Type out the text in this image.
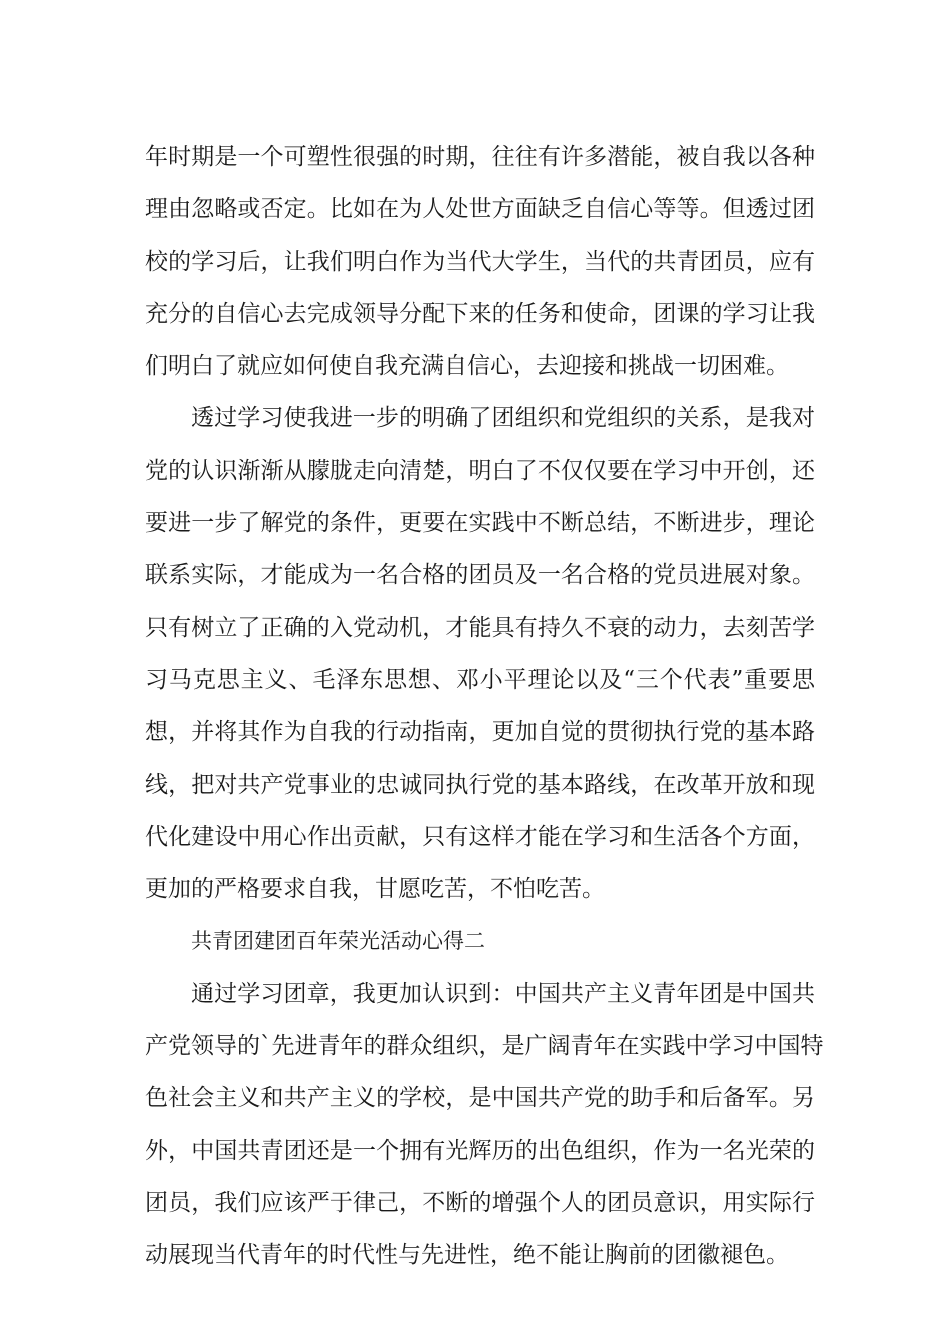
年时期是一个可塑性很强的时期，往往有许多潜能，被自我以各种
理由忽略或否定。比如在为人处世方面缺乏自信心等等。但透过团
校的学习后，让我们明白作为当代大学生，当代的共青团员，应有
充分的自信心去完成领导分配下来的任务和使命，团课的学习让我
们明白了就应如何使自我充满自信心，去迎接和挑战一切困难。
透过学习使我进一步的明确了团组织和党组织的关系，是我对
党的认识渐渐从朦胧走向清楚，明白了不仅仅要在学习中开创，还
要进一步了解党的条件，更要在实践中不断总结，不断进步，理论
联系实际，才能成为一名合格的团员及一名合格的党员进展对象。
只有树立了正确的入党动机，才能具有持久不衰的动力，去刻苦学
习马克思主义、毛泽东思想、邓小平理论以及“三个代表”重要思
想，并将其作为自我的行动指南，更加自觉的贯彻执行党的基本路
线，把对共产党事业的忠诚同执行党的基本路线，在改革开放和现
代化建设中用心作出贡献，只有这样才能在学习和生活各个方面，
更加的严格要求自我，甘愿吃苦，不怕吃苦。
共青团建团百年荣光活动心得二
通过学习团章，我更加认识到：中国共产主义青年团是中国共
产党领导的`先进青年的群众组织，是广阔青年在实践中学习中国特
色社会主义和共产主义的学校，是中国共产党的助手和后备军。另
外，中国共青团还是一个拥有光辉历的出色组织，作为一名光荣的
团员，我们应该严于律己，不断的增强个人的团员意识，用实际行
动展现当代青年的时代性与先进性，绝不能让胸前的团徽褪色。
